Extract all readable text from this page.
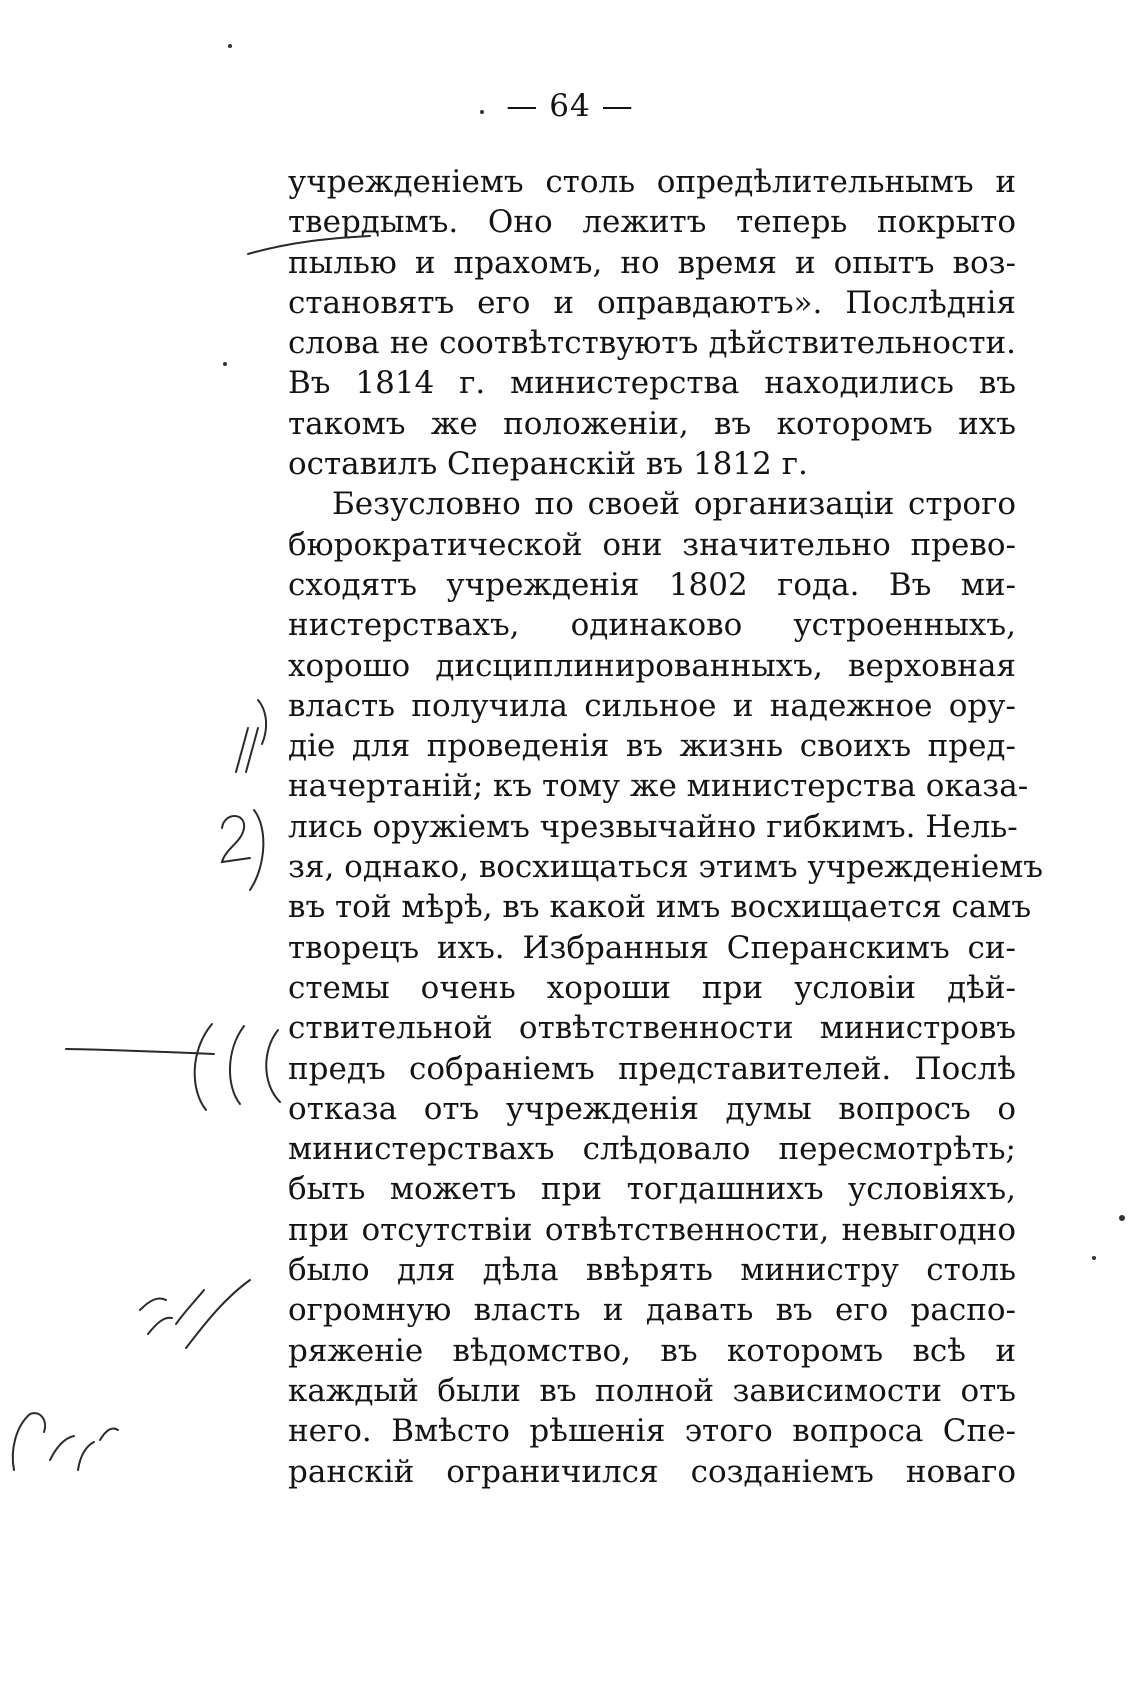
— 64 —
учрежденіемъ столь опредѣлительнымъ и
твердымъ. Оно лежитъ теперь покрыто
пылью и прахомъ, но время и опытъ воз-
становятъ его и оправдаютъ». Послѣднія
слова не соотвѣтствуютъ дѣйствительности.
Въ 1814 г. министерства находились въ
такомъ же положеніи, въ которомъ ихъ
оставилъ Сперанскій въ 1812 г.
Безусловно по своей организаціи строго
бюрократической они значительно прево-
сходятъ учрежденія 1802 года. Въ ми-
нистерствахъ, одинаково устроенныхъ,
хорошо дисциплинированныхъ, верховная
власть получила сильное и надежное ору-
діе для проведенія въ жизнь своихъ пред-
начертаній; къ тому же министерства оказа-
лись оружіемъ чрезвычайно гибкимъ. Нель-
зя, однако, восхищаться этимъ учрежденіемъ
въ той мѣрѣ, въ какой имъ восхищается самъ
творецъ ихъ. Избранныя Сперанскимъ си-
стемы очень хороши при условіи дѣй-
ствительной отвѣтственности министровъ
предъ собраніемъ представителей. Послѣ
отказа отъ учрежденія думы вопросъ о
министерствахъ слѣдовало пересмотрѣть;
быть можетъ при тогдашнихъ условіяхъ,
при отсутствіи отвѣтственности, невыгодно
было для дѣла ввѣрять министру столь
огромную власть и давать въ его распо-
ряженіе вѣдомство, въ которомъ всѣ и
каждый были въ полной зависимости отъ
него. Вмѣсто рѣшенія этого вопроса Спе-
ранскій ограничился созданіемъ новаго
